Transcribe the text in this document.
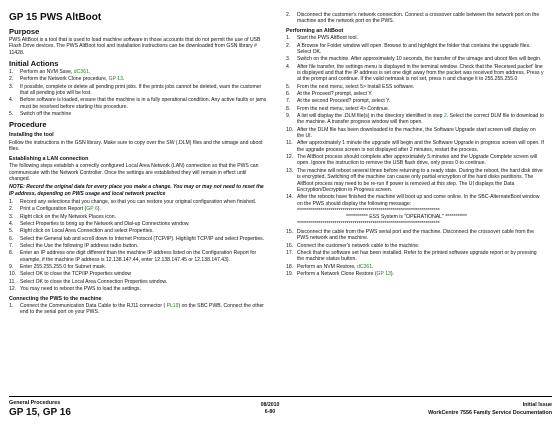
GP 15 PWS AltBoot
Purpose

PWS AltBoot is a tool that is used to load machine software in those accounts that do not permit the use of USB Flash Drive devices. The PWS AltBoot tool and installation instructions can be downloaded from GSN library # 11428.

Initial Actions
1.	Perform an NVM Save, dC361.
2.	Perform the Network Clone procedure, GP 13.
3.	If possible, complete or delete all pending print jobs. If the prints jobs cannot be deleted, warn the customer that all pending jobs will be lost.
4.	Before software is loaded, ensure that the machine is in a fully operational condition. Any active faults or jams must be resolved before starting this procedure.
5.	Switch off the machine
Procedure
Installing the tool

Follow the instructions in the GSN library. Make sure to copy over the SW (.DLM) files and the uimage and uboot files.

Establishing a LAN connection

The following steps establish a correctly configured Local Area Network (LAN) connection so that the PWS can communicate with the Network Controller. Once the settings are established they will remain in effect until changed.

NOTE: Record the original data for every place you make a change. You may or may not need to reset the IP address, depending on PWS usage and local network practice

1.	Record any selections that you change, so that you can restore your original configuration when finished.
2.	Print a Configuration Report (GP 6).
3.	Right click on the My Network Places icon.
4.	Select Properties to bring up the Network and Dial-up Connections window.
5.	Right click on Local Area Connection and select Properties.
6.	Select the General tab and scroll down to Internet Protocol (TCP/IP). Highlight TCP/IP and select Properties.
7.	Select the Use the following IP address radio button.
8.	Enter an IP address one digit different than the machine IP address listed on the Configuration Report for example, if the machine IP address is 12.138.147.44, enter 12.138.147.45 or 12.138.147.43).
9.	Enter 255.255.255.0 for Subnet mask.
10. Select OK to close the TCP/IP Properties window
11. Select OK to close the Local Area Connection Properties window.
12. You may need to reboot the PWS to load the settings.
Connecting the PWS to the machine
1.	Connect the Communication Data Cable to the RJ11 connector ( PL19) on the SBC PWB. Connect the other end to the serial port on your PWS.
2.	Disconnect the customer's network connection. Connect a crossover cable between the network port on the machine and the network port on the PWS.
Performing an AltBoot
1.	Start the PWS AltBoot tool.
2.	A Browse for Folder window will open. Browse to and highlight the folder that contains the upgrade files. Select OK.
3.	Switch on the machine. After approximately 10 seconds, the transfer of the uimage and uboot files will begin.
4.	After file transfer, the settings menu is displayed in the terminal window. Check that the 'Received packet' line is displayed and that the IP address is set one digit away from the packet was received from address. Press y at the prompt and continue. If the valid netmask is not set, press n and change it to 255.255.255.0
5.	From the next menu, select 5> Install ESS software.
6.	At the Proceed? prompt, select Y.
7.	At the second Proceed? prompt, select Y.
8.	From the next menu, select 4> Continue.
9.	A list will display the .DLM file(s) in the directory identified in step 2. Select the correct DLM file to download to the machine. A transfer progress window will then open.
10. After the DLM file has been downloaded to the machine, the Software Upgrade start screen will display on the UI.
11. After approximately 1 minute the upgrade will begin and the Software Upgrade in progress screen will open. If the upgrade process screen is not displayed after 2 minutes, restart the process.
12. The AltBoot process should complete after approximately 5 minutes and the Upgrade Complete screen will open. Ignore the instruction to remove the USB flash drive, only press 0 to continue.
13. The machine will reboot several times before returning to a ready state. During the reboot, the hard disk drive is encrypted. Switching off the machine can cause only partial encryption of the hard disks partitions. The AltBoot process may need to be re-run if power is removed at this step. The UI displays the Data Encryption/Decryption in Progress screen.
14. After the reboots have finished the machine will boot up and come online. In the SBC-AlternateBoot window on the PWS should display the following message:

************************************************************************

*********** ESS System is "OPERATIONAL" ***********

************************************************************************

15. Disconnect the cable from the PWS serial port and the machine. Disconnect the crossover cable from the PWS network and the machine.
16. Connect the customer's network cable to the machine.
17. Check that the software set has been installed. Refer to the printed software upgrade report or by pressing the machine status button.
18. Perform an NVM Restore, dC361.
19. Perform a Network Clone Restore (GP 13).
General Procedures
GP 15, GP 16
08/2010
6-80
Initial Issue
WorkCentre 7556 Family Service Documentation
